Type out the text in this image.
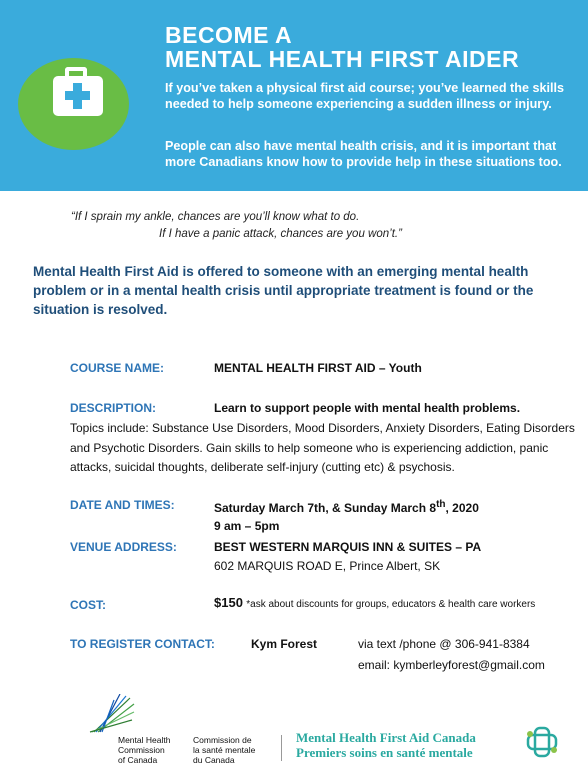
BECOME A
MENTAL HEALTH FIRST AIDER

If you’ve taken a physical first aid course; you’ve learned the skills needed to help someone experiencing a sudden illness or injury.

People can also have mental health crisis, and it is important that more Canadians know how to provide help in these situations too.

“If I sprain my ankle, chances are you’ll know what to do.

If I have a panic attack, chances are you won’t.”

Mental Health First Aid is offered to someone with an emerging mental health problem or in a mental health crisis until appropriate treatment is found or the situation is resolved.

COURSE NAME:	MENTAL HEALTH FIRST AID – Youth

DESCRIPTION:	Learn to support people with mental health problems.

Topics include: Substance Use Disorders, Mood Disorders, Anxiety Disorders, Eating Disorders and Psychotic Disorders. Gain skills to help someone who is experiencing addiction, panic attacks, suicidal thoughts, deliberate self-injury (cutting etc) & psychosis.

DATE AND TIMES:	Saturday March 7th, & Sunday March 8th, 2020

9 am – 5pm

VENUE ADDRESS:	BEST WESTERN MARQUIS INN & SUITES – PA

602 MARQUIS ROAD E, Prince Albert, SK

COST:	$150 *ask about discounts for groups, educators & health care workers

TO REGISTER CONTACT:	Kym Forest	via text /phone @ 306-941-8384

email: kymberleyforest@gmail.com

Mental Health
Commission
of Canada

Commission de
la santé mentale
du Canada

Mental Health First Aid Canada

Premiers soins en santé mentale
